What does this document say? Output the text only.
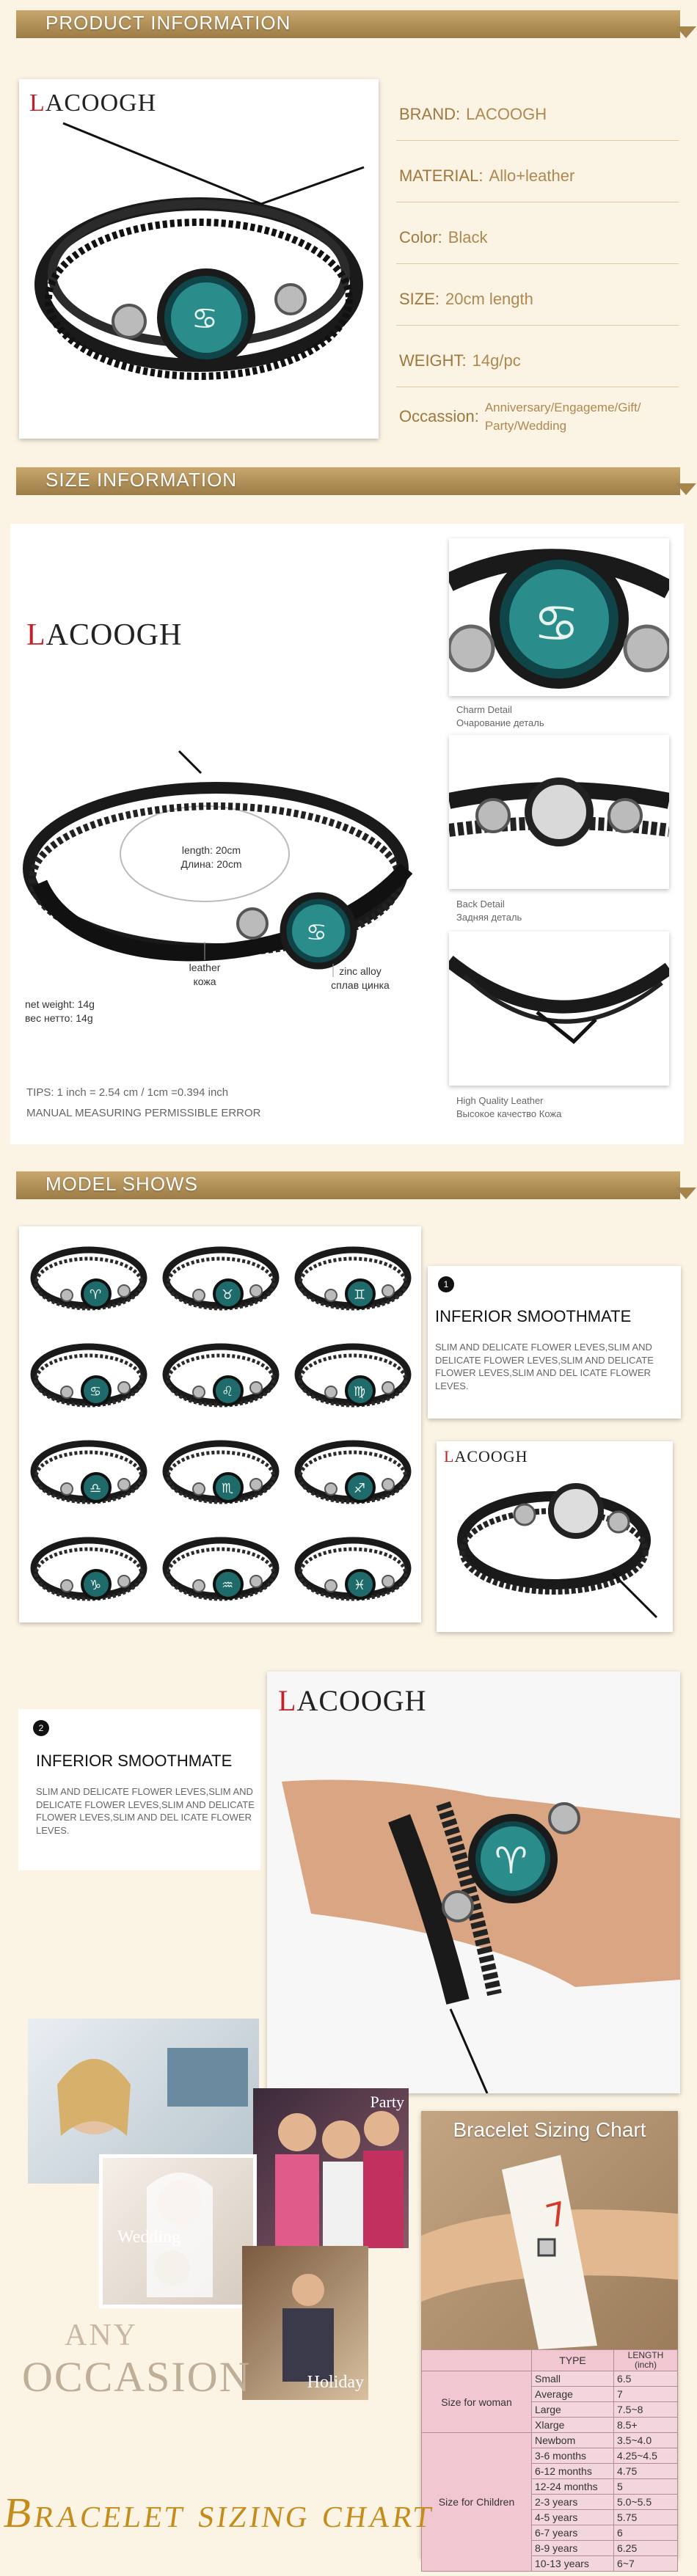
PRODUCT INFORMATION
LACOOGH
♋
BRAND: LACOOGH
MATERIAL: Allo+leather
Color: Black
SIZE: 20cm length
WEIGHT: 14g/pc
Occassion: Anniversary/Engageme/Gift/ Party/Wedding
SIZE INFORMATION
LACOOGH
♋
length: 20cm
Длина: 20cm
leather
кожа
zinc alloy
сплав цинка
net weight: 14g
вес нетто: 14g
TIPS: 1 inch = 2.54 cm / 1cm =0.394 inch
MANUAL MEASURING PERMISSIBLE ERROR
♋
Charm Detail
Очарование деталь
Back Detail
Задняя деталь
High Quality Leather
Высокое качество Кожа
MODEL SHOWS
♈	♉	♊
♋	♌	♍
♎	♏	♐
♑	♒	♓
1
INFERIOR SMOOTHMATE
SLIM AND DELICATE FLOWER LEVES,SLIM AND DELICATE FLOWER LEVES,SLIM AND DELICATE FLOWER LEVES,SLIM AND DEL ICATE FLOWER LEVES.
LACOOGH
LACOOGH
♈
2
INFERIOR SMOOTHMATE
SLIM AND DELICATE FLOWER LEVES,SLIM AND DELICATE FLOWER LEVES,SLIM AND DELICATE FLOWER LEVES,SLIM AND DEL ICATE FLOWER LEVES.
Party
Wedding
Holiday
ANY
OCCASION
7
Bracelet Sizing Chart
	TYPE	LENGTH (inch)
Size for woman	Small	6.5
	Average	7
	Large	7.5~8
	Xlarge	8.5+
Size for Children	Newbom	3.5~4.0
	3-6 months	4.25~4.5
	6-12 months	4.75
	12-24 months	5
	2-3 years	5.0~5.5
	4-5 years	5.75
	6-7 years	6
	8-9 years	6.25
	10-13 years	6~7
Bracelet sizing chart
